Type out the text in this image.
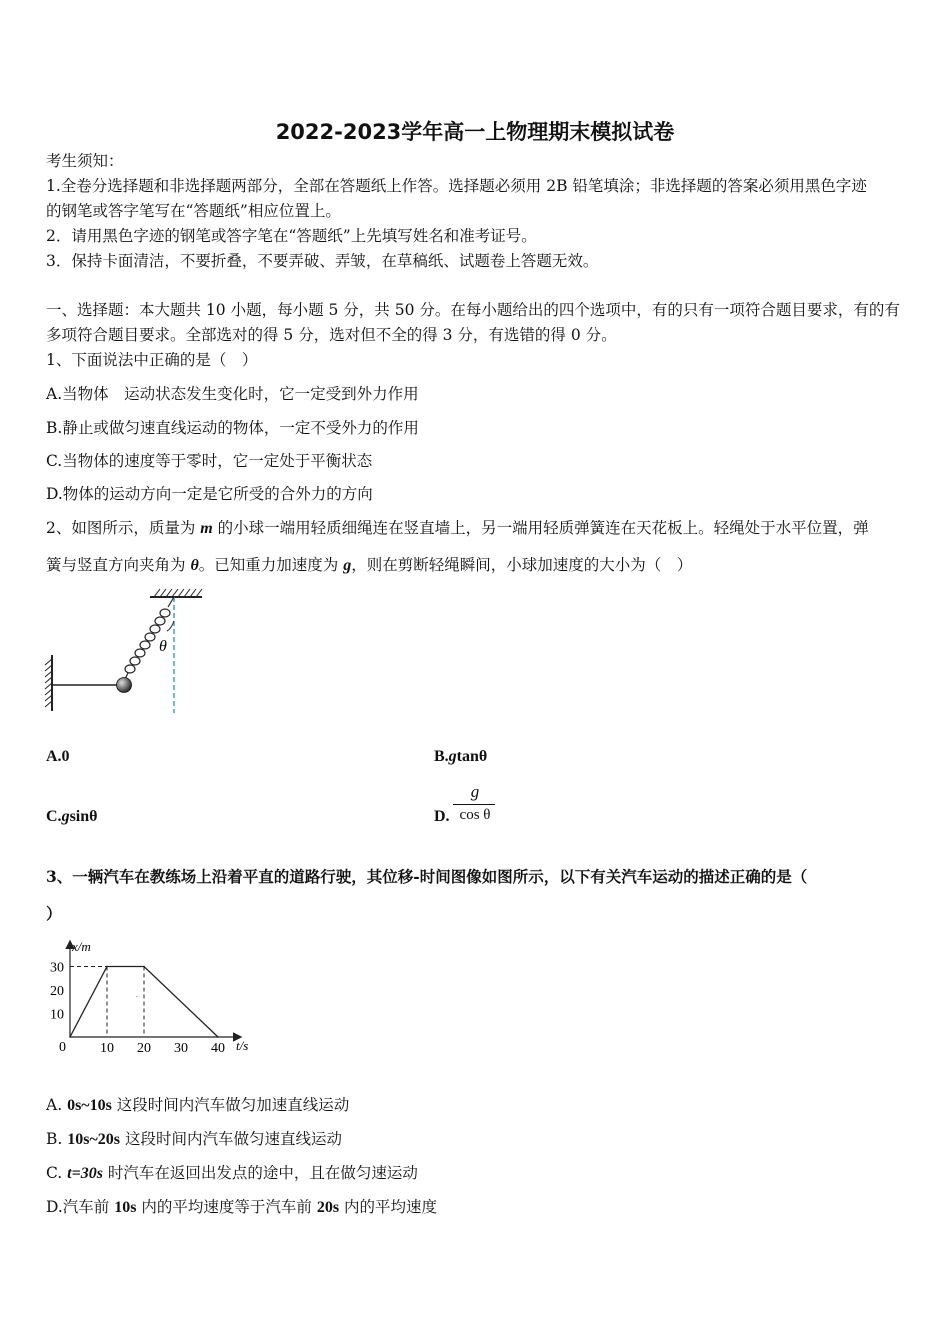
2022-2023学年高一上物理期末模拟试卷
考生须知：
1.全卷分选择题和非选择题两部分，全部在答题纸上作答。选择题必须用 2B 铅笔填涂；非选择题的答案必须用黑色字迹
的钢笔或答字笔写在“答题纸”相应位置上。
2．请用黑色字迹的钢笔或答字笔在“答题纸”上先填写姓名和准考证号。
3．保持卡面清洁，不要折叠，不要弄破、弄皱，在草稿纸、试题卷上答题无效。
一、选择题：本大题共 10 小题，每小题 5 分，共 50 分。在每小题给出的四个选项中，有的只有一项符合题目要求，有的有
多项符合题目要求。全部选对的得 5 分，选对但不全的得 3 分，有选错的得 0 分。
1、下面说法中正确的是（　）
A.当物体　运动状态发生变化时，它一定受到外力作用
B.静止或做匀速直线运动的物体，一定不受外力的作用
C.当物体的速度等于零时，它一定处于平衡状态
D.物体的运动方向一定是它所受的合外力的方向
2、如图所示，质量为 m 的小球一端用轻质细绳连在竖直墙上，另一端用轻质弹簧连在天花板上。轻绳处于水平位置，弹
簧与竖直方向夹角为 θ。已知重力加速度为 g，则在剪断轻绳瞬间，小球加速度的大小为（　）
θ
A.0	B.gtanθ
C.gsinθ	D.
g
cos θ
3、一辆汽车在教练场上沿着平直的道路行驶，其位移-时间图像如图所示，以下有关汽车运动的描述正确的是（
）
x/m
t/s
0 10 20 30 40
10
20
30
·
A. 0s~10s 这段时间内汽车做匀加速直线运动
B. 10s~20s 这段时间内汽车做匀速直线运动
C. t=30s 时汽车在返回出发点的途中，且在做匀速运动
D.汽车前 10s 内的平均速度等于汽车前 20s 内的平均速度
